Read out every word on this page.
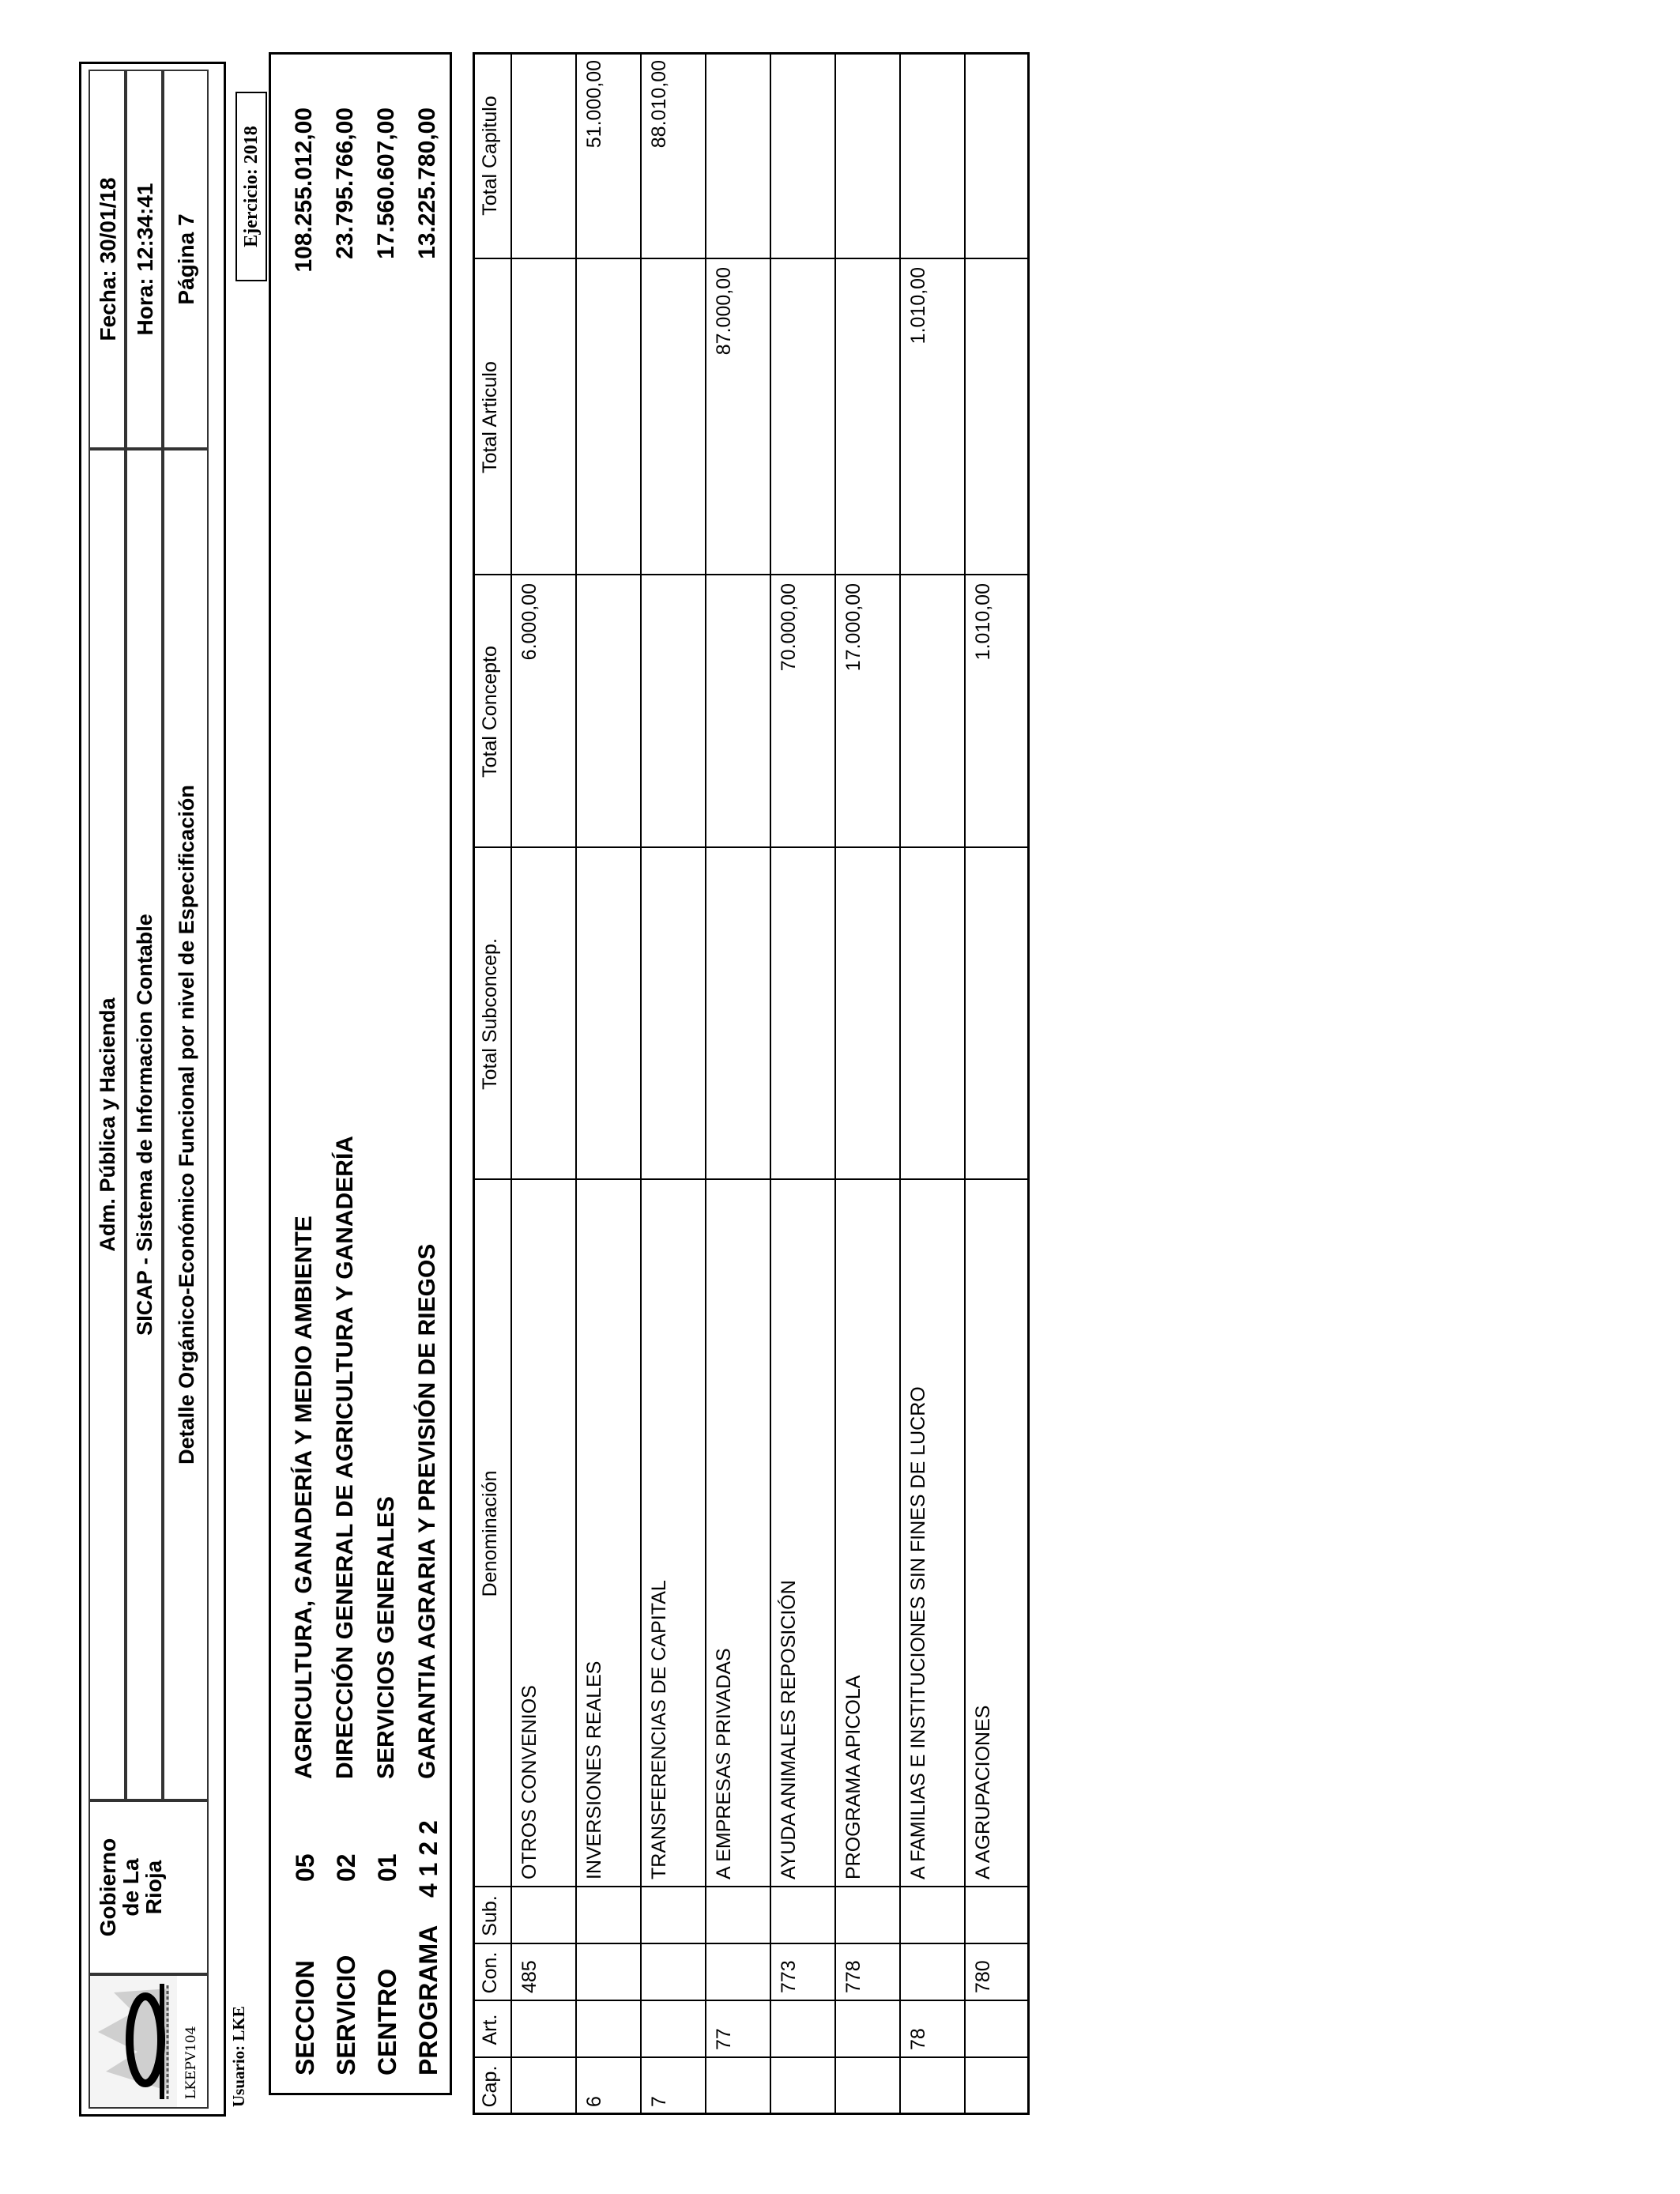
LKEPV104
Gobierno
de La
Rioja
Adm. Pública y Hacienda SICAP - Sistema de Informacion Contable Detalle Orgánico-Económico Funcional por nivel de Especificación
Fecha: 30/01/18 Hora: 12:34:41 Página 7
Usuario: LKE
Ejercicio: 2018
SECCION
05
AGRICULTURA, GANADERÍA Y MEDIO AMBIENTE
108.255.012,00
SERVICIO
02
DIRECCIÓN GENERAL DE AGRICULTURA Y GANADERÍA
23.795.766,00
CENTRO
01
SERVICIOS GENERALES
17.560.607,00
PROGRAMA
4 1 2 2
GARANTIA AGRARIA Y PREVISIÓN DE RIEGOS
13.225.780,00
Cap.
Art.
Con.
Sub.
Denominación
Total Subconcep.
Total Concepto
Total Articulo
Total Capitulo
485
OTROS CONVENIOS
6.000,00
6
INVERSIONES REALES
51.000,00
7
TRANSFERENCIAS DE CAPITAL
88.010,00
77
A EMPRESAS PRIVADAS
87.000,00
773
AYUDA ANIMALES REPOSICIÓN
70.000,00
778
PROGRAMA APICOLA
17.000,00
78
A FAMILIAS E INSTITUCIONES SIN FINES DE LUCRO
1.010,00
780
A AGRUPACIONES
1.010,00
